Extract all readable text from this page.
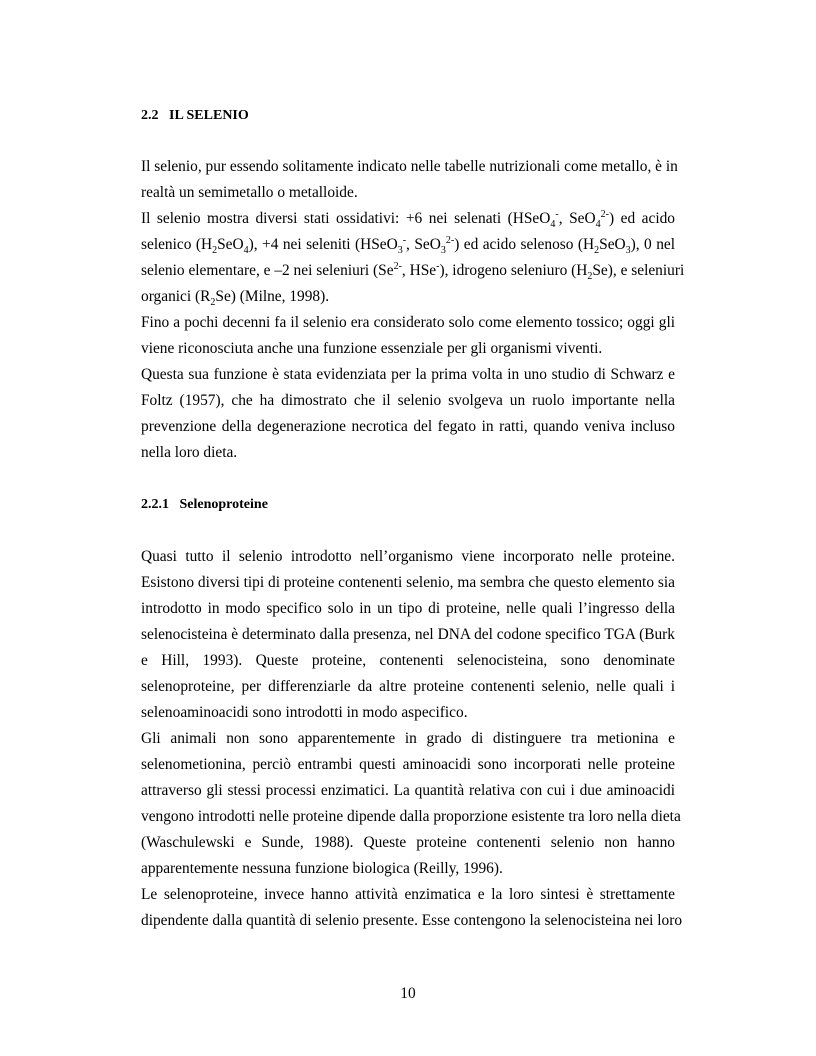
2.2 IL SELENIO

Il selenio, pur essendo solitamente indicato nelle tabelle nutrizionali come metallo, è in

realtà un semimetallo o metalloide.

Il selenio mostra diversi stati ossidativi: +6 nei selenati (HSeO$_4$-, SeO$_4^{2-}$) ed acido

selenico $(H_2SeO_4)$, +4 nei seleniti (HSeO$_3$-, SeO$_3^{2-}$) ed acido selenoso $(H_2SeO_3)$, 0 nel

selenio elementare, e –2 nei seleniuri ($Se^{2-}$, HSe-), idrogeno seleniuro $(H_2Se)$, e seleniuri

organici $(R_2Se)$ (Milne, 1998).

Fino a pochi decenni fa il selenio era considerato solo come elemento tossico; oggi gli

viene riconosciuta anche una funzione essenziale per gli organismi viventi.

Questa sua funzione è stata evidenziata per la prima volta in uno studio di Schwarz e

Foltz (1957), che ha dimostrato che il selenio svolgeva un ruolo importante nella

prevenzione della degenerazione necrotica del fegato in ratti, quando veniva incluso

nella loro dieta.

2.2.1 Selenoproteine

Quasi tutto il selenio introdotto nell’organismo viene incorporato nelle proteine.

Esistono diversi tipi di proteine contenenti selenio, ma sembra che questo elemento sia

introdotto in modo specifico solo in un tipo di proteine, nelle quali l’ingresso della

selenocisteina è determinato dalla presenza, nel DNA del codone specifico TGA (Burk

e Hill, 1993). Queste proteine, contenenti selenocisteina, sono denominate

selenoproteine, per differenziarle da altre proteine contenenti selenio, nelle quali i

selenoaminoacidi sono introdotti in modo aspecifico.

Gli animali non sono apparentemente in grado di distinguere tra metionina e

selenometionina, perciò entrambi questi aminoacidi sono incorporati nelle proteine

attraverso gli stessi processi enzimatici. La quantità relativa con cui i due aminoacidi

vengono introdotti nelle proteine dipende dalla proporzione esistente tra loro nella dieta

(Waschulewski e Sunde, 1988). Queste proteine contenenti selenio non hanno

apparentemente nessuna funzione biologica (Reilly, 1996).

Le selenoproteine, invece hanno attività enzimatica e la loro sintesi è strettamente

dipendente dalla quantità di selenio presente. Esse contengono la selenocisteina nei loro

10
